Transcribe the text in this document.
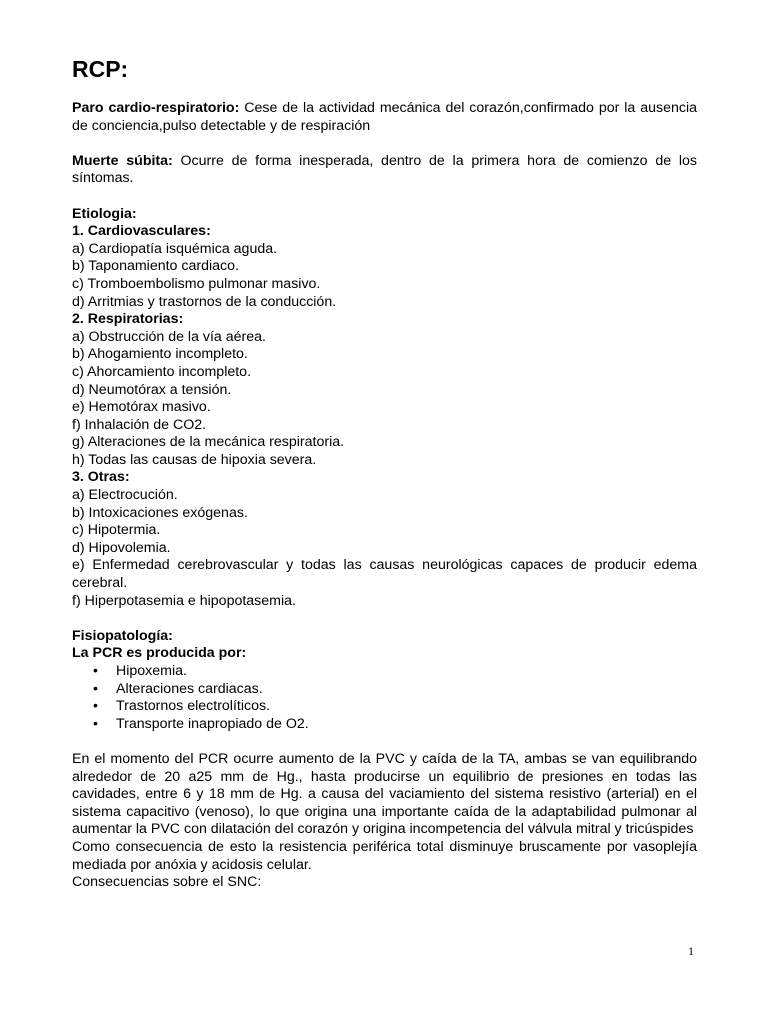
RCP:

Paro cardio-respiratorio: Cese de la actividad mecánica del corazón,confirmado por la ausencia de conciencia,pulso detectable y de respiración

Muerte súbita: Ocurre de forma inesperada, dentro de la primera hora de comienzo de los síntomas.

Etiologia:

1. Cardiovasculares:

a) Cardiopatía isquémica aguda.

b) Taponamiento cardiaco.

c) Tromboembolismo pulmonar masivo.

d) Arritmias y trastornos de la conducción.

2. Respiratorias:

a) Obstrucción de la vía aérea.

b) Ahogamiento incompleto.

c) Ahorcamiento incompleto.

d) Neumotórax a tensión.

e) Hemotórax masivo.

f) Inhalación de CO2.

g) Alteraciones de la mecánica respiratoria.

h) Todas las causas de hipoxia severa.

3. Otras:

a) Electrocución.

b) Intoxicaciones exógenas.

c) Hipotermia.

d) Hipovolemia.

e) Enfermedad cerebrovascular y todas las causas neurológicas capaces de producir edema cerebral.

f) Hiperpotasemia e hipopotasemia.

Fisiopatología:

La PCR es producida por:

• Hipoxemia.
• Alteraciones cardiacas.
• Trastornos electrolíticos.
• Transporte inapropiado de O2.

En el momento del PCR ocurre aumento de la PVC y caída de la TA, ambas se van equilibrando alrededor de 20 a25 mm de Hg., hasta producirse un equilibrio de presiones en todas las cavidades, entre 6 y 18 mm de Hg. a causa del vaciamiento del sistema resistivo (arterial) en el sistema capacitivo (venoso), lo que origina una importante caída de la adaptabilidad pulmonar al aumentar la PVC con dilatación del corazón y origina incompetencia del válvula mitral y tricúspides

Como consecuencia de esto la resistencia periférica total disminuye bruscamente por vasoplejía mediada por anóxia y acidosis celular.

Consecuencias sobre el SNC:

1
